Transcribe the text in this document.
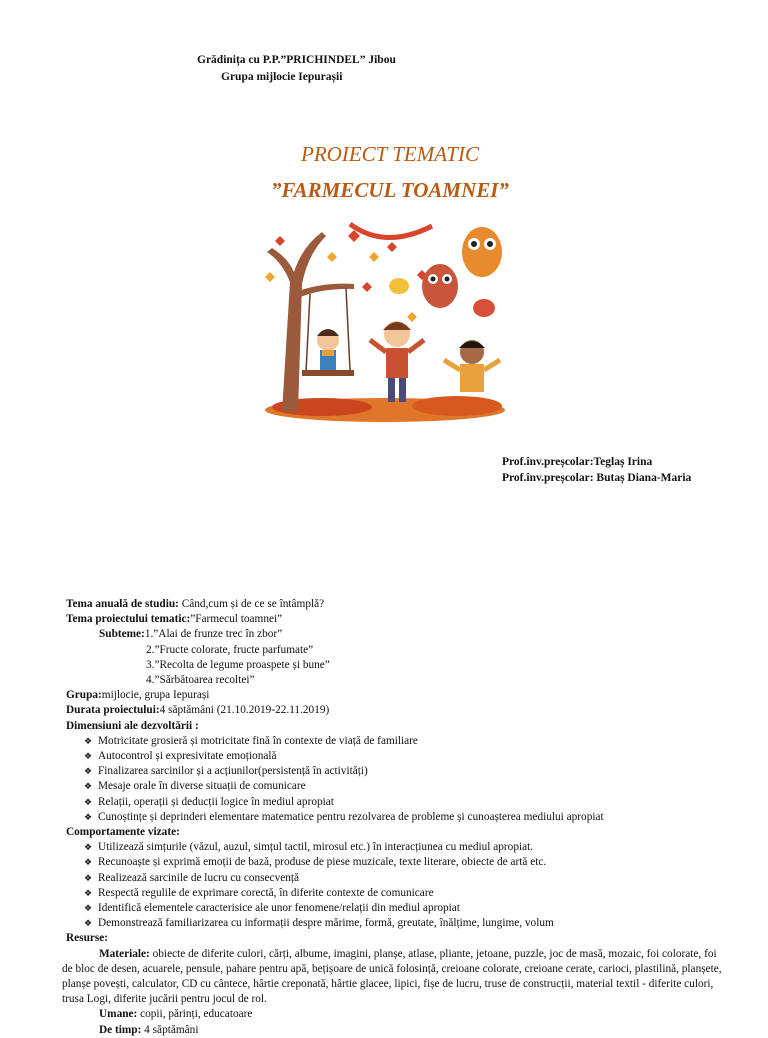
Grădinița cu P.P.”PRICHINDEL” Jibou
Grupa mijlocie Iepurașii
PROIECT TEMATIC
”FARMECUL TOAMNEI”
Prof.înv.preșcolar:Teglaș Irina
Prof.înv.preșcolar: Butaș Diana-Maria
Tema anuală de studiu: Când,cum și de ce se întâmplă?
Tema proiectului tematic:”Farmecul toamnei”
Subteme:1.”Alai de frunze trec în zbor”
2.”Fructe colorate, fructe parfumate”
3.”Recolta de legume proaspete și bune”
4.”Sărbătoarea recoltei”
Grupa:mijlocie, grupa Iepurași
Durata proiectului:4 săptămâni (21.10.2019-22.11.2019)
Dimensiuni ale dezvoltării :
❖ Motricitate grosieră și motricitate fină în contexte de viață de familiare
❖ Autocontrol și expresivitate emoțională
❖ Finalizarea sarcinilor și a acțiunilor(persistență în activități)
❖ Mesaje orale în diverse situații de comunicare
❖ Relații, operații și deducții logice în mediul apropiat
❖ Cunoștințe și deprinderi elementare matematice pentru rezolvarea de probleme și cunoașterea mediului apropiat
Comportamente vizate:
❖ Utilizează simțurile (văzul, auzul, simțul tactil, mirosul etc.) în interacțiunea cu mediul apropiat.
❖ Recunoaște și exprimă emoții de bază, produse de piese muzicale, texte literare, obiecte de artă etc.
❖ Realizează sarcinile de lucru cu consecvență
❖ Respectă regulile de exprimare corectă, în diferite contexte de comunicare
❖ Identifică elementele caracterisice ale unor fenomene/relații din mediul apropiat
❖ Demonstrează familiarizarea cu informații despre mărime, formă, greutate, înălțime, lungime, volum
Resurse:
Materiale: obiecte de diferite culori, cărți, albume, imagini, planșe, atlase, pliante, jetoane, puzzle, joc de masă, mozaic, foi colorate, foi de bloc de desen, acuarele, pensule, pahare pentru apă, bețișoare de unică folosință, creioane colorate, creioane cerate, carioci, plastilină, planșete, planșe povești, calculator, CD cu cântece, hârtie creponată, hârtie glacee, lipici, fișe de lucru, truse de construcții, material textil - diferite culori, trusa Logi, diferite jucării pentru jocul de rol.
Umane: copii, părinți, educatoare
De timp: 4 săptămâni
